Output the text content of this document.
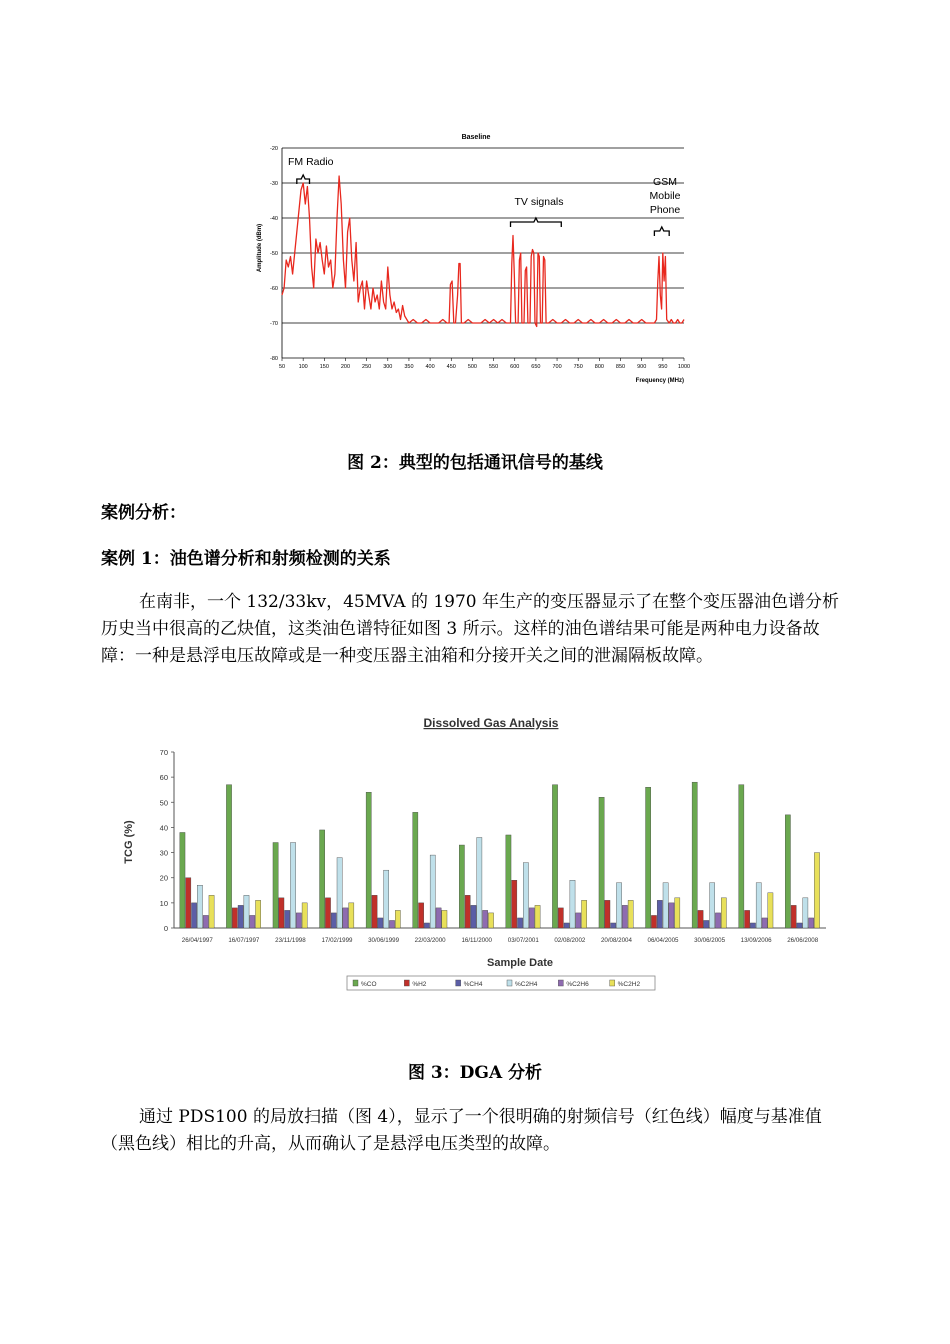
Baseline
Amplitude (dBm)
Frequency (MHz)
-20
-30
-40
-50
-60
-70
-80
50 100 150 200 250 300 350 400 450 500 550 600 650 700 750 800 850 900 950 1000
FM Radio
TV signals
GSM
Mobile
Phone
图 2：典型的包括通讯信号的基线
案例分析：
案例 1：油色谱分析和射频检测的关系

在南非，一个 132/33kv，45MVA 的 1970 年生产的变压器显示了在整个变压器油色谱分析历史当中很高的乙炔值，这类油色谱特征如图 3 所示。这样的油色谱结果可能是两种电力设备故障：一种是悬浮电压故障或是一种变压器主油箱和分接开关之间的泄漏隔板故障。

Dissolved Gas Analysis
0
10
20
30
40
50
60
70
26/04/1997	16/07/1997	23/11/1998	17/02/1999	30/06/1999	22/03/2000	16/11/2000	03/07/2001	02/08/2002	20/08/2004	06/04/2005	30/06/2005	13/09/2006	26/06/2008
TCG (%)
Sample Date
%CO	%H2	%CH4	%C2H4	%C2H6	%C2H2
图 3：DGA 分析

通过 PDS100 的局放扫描（图 4），显示了一个很明确的射频信号（红色线）幅度与基准值（黑色线）相比的升高，从而确认了是悬浮电压类型的故障。
